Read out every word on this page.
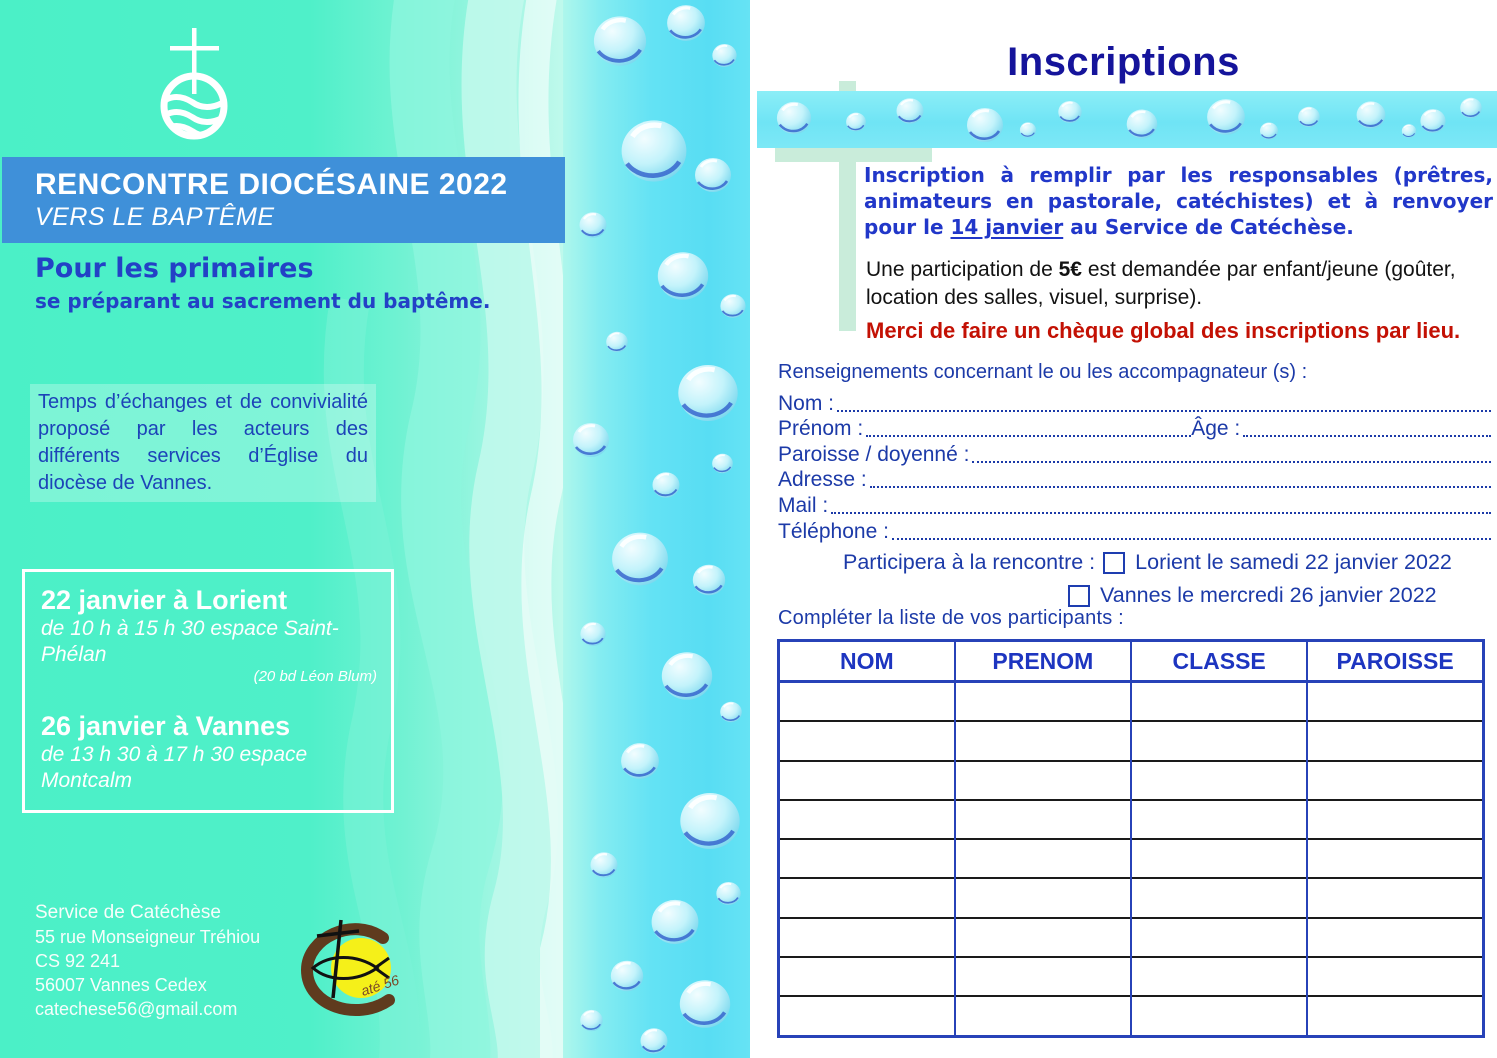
RENCONTRE DIOCÉSAINE 2022
VERS LE BAPTÊME
Pour les primaires
se préparant au sacrement du baptême.
Temps d’échanges et de convivialité proposé par les acteurs des différents services d’Église du diocèse de Vannes.
22 janvier à Lorient
de 10 h à 15 h 30 espace Saint-Phélan
(20 bd Léon Blum)
26 janvier à Vannes
de 13 h 30 à 17 h 30 espace Montcalm
Service de Catéchèse
55 rue Monseigneur Tréhiou
CS 92 241
56007 Vannes Cedex
catechese56@gmail.com
até 56
Inscriptions
Inscription à remplir par les responsables (prêtres, animateurs en pastorale, catéchistes) et à renvoyer pour le 14 janvier au Service de Catéchèse.
Une participation de 5€ est demandée par enfant/jeune (goûter, location des salles, visuel, surprise).
Merci de faire un chèque global des inscriptions par lieu.
Renseignements concernant le ou les accompagnateur (s) :
Nom :
Prénom :	Âge :
Paroisse / doyenné :
Adresse :
Mail :
Téléphone :
Participera à la rencontre : Lorient le samedi 22 janvier 2022
Vannes le mercredi 26 janvier 2022
Compléter la liste de vos participants :
NOM	PRENOM	CLASSE	PAROISSE
